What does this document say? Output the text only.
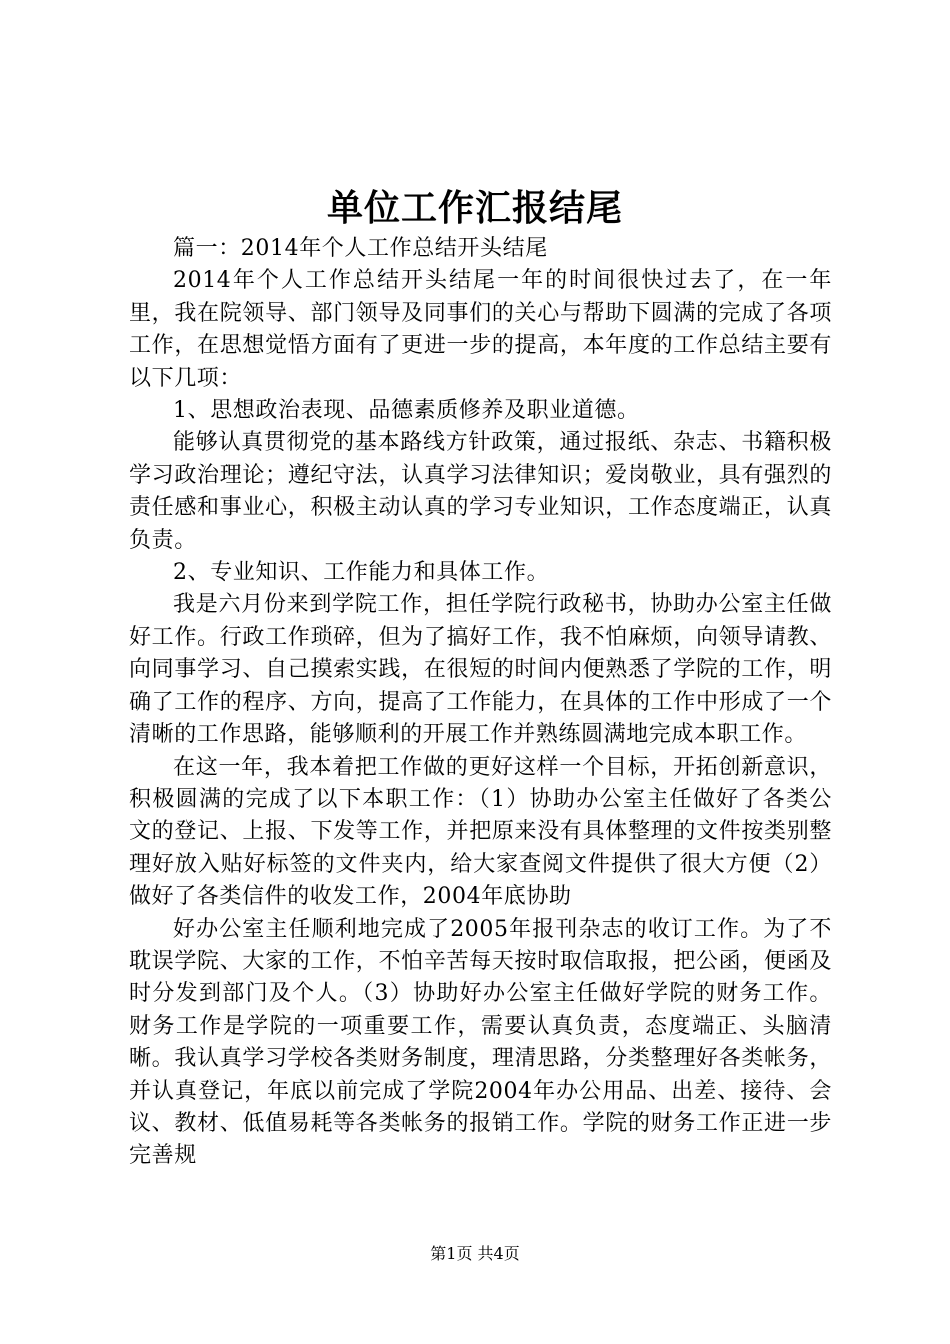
单位工作汇报结尾

篇一：2014年个人工作总结开头结尾

2014年个人工作总结开头结尾一年的时间很快过去了，在一年里，我在院领导、部门领导及同事们的关心与帮助下圆满的完成了各项工作，在思想觉悟方面有了更进一步的提高，本年度的工作总结主要有以下几项：

1、思想政治表现、品德素质修养及职业道德。

能够认真贯彻党的基本路线方针政策，通过报纸、杂志、书籍积极学习政治理论；遵纪守法，认真学习法律知识；爱岗敬业，具有强烈的责任感和事业心，积极主动认真的学习专业知识，工作态度端正，认真负责。

2、专业知识、工作能力和具体工作。

我是六月份来到学院工作，担任学院行政秘书，协助办公室主任做好工作。行政工作琐碎，但为了搞好工作，我不怕麻烦，向领导请教、向同事学习、自己摸索实践，在很短的时间内便熟悉了学院的工作，明确了工作的程序、方向，提高了工作能力，在具体的工作中形成了一个清晰的工作思路，能够顺利的开展工作并熟练圆满地完成本职工作。

在这一年，我本着把工作做的更好这样一个目标，开拓创新意识，积极圆满的完成了以下本职工作：（1）协助办公室主任做好了各类公文的登记、上报、下发等工作，并把原来没有具体整理的文件按类别整理好放入贴好标签的文件夹内，给大家查阅文件提供了很大方便（2）做好了各类信件的收发工作，2004年底协助

好办公室主任顺利地完成了2005年报刊杂志的收订工作。为了不耽误学院、大家的工作，不怕辛苦每天按时取信取报，把公函，便函及时分发到部门及个人。（3）协助好办公室主任做好学院的财务工作。财务工作是学院的一项重要工作，需要认真负责，态度端正、头脑清晰。我认真学习学校各类财务制度，理清思路，分类整理好各类帐务，并认真登记，年底以前完成了学院2004年办公用品、出差、接待、会议、教材、低值易耗等各类帐务的报销工作。学院的财务工作正进一步完善规

第1页 共4页
